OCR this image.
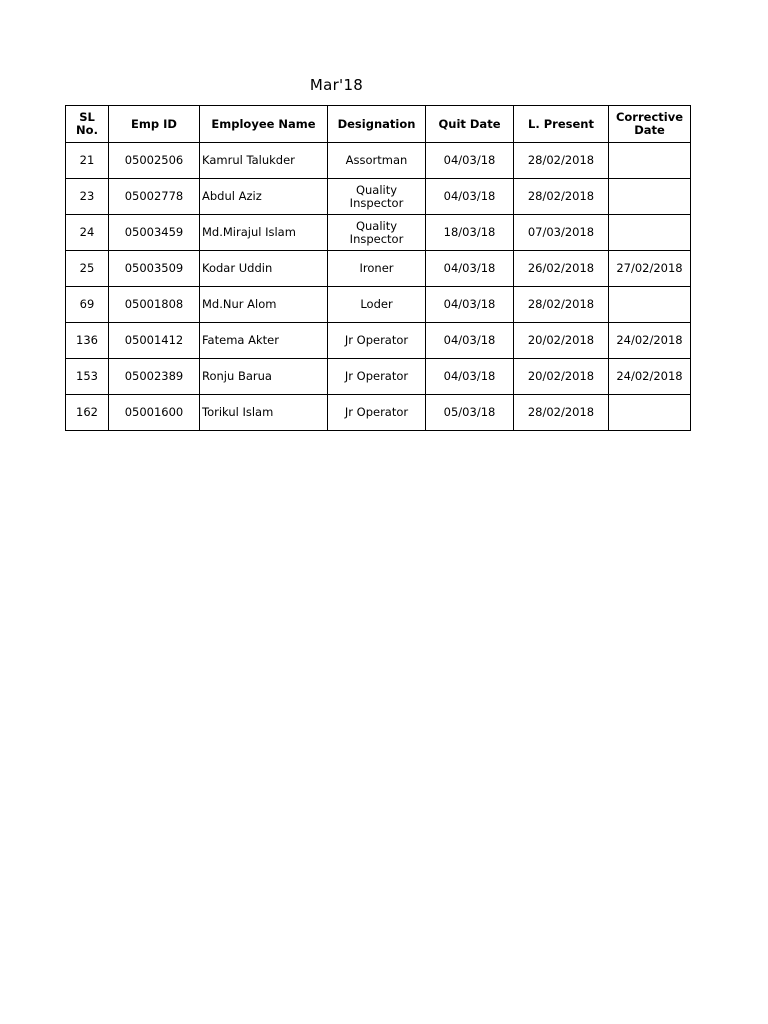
Mar'18
SL No.	Emp ID	Employee Name	Designation	Quit Date	L. Present	Corrective Date
21	05002506	Kamrul Talukder	Assortman	04/03/18	28/02/2018	
23	05002778	Abdul Aziz	Quality Inspector	04/03/18	28/02/2018	
24	05003459	Md.Mirajul Islam	Quality Inspector	18/03/18	07/03/2018	
25	05003509	Kodar Uddin	Ironer	04/03/18	26/02/2018	27/02/2018
69	05001808	Md.Nur Alom	Loder	04/03/18	28/02/2018	
136	05001412	Fatema Akter	Jr Operator	04/03/18	20/02/2018	24/02/2018
153	05002389	Ronju Barua	Jr Operator	04/03/18	20/02/2018	24/02/2018
162	05001600	Torikul Islam	Jr Operator	05/03/18	28/02/2018	
